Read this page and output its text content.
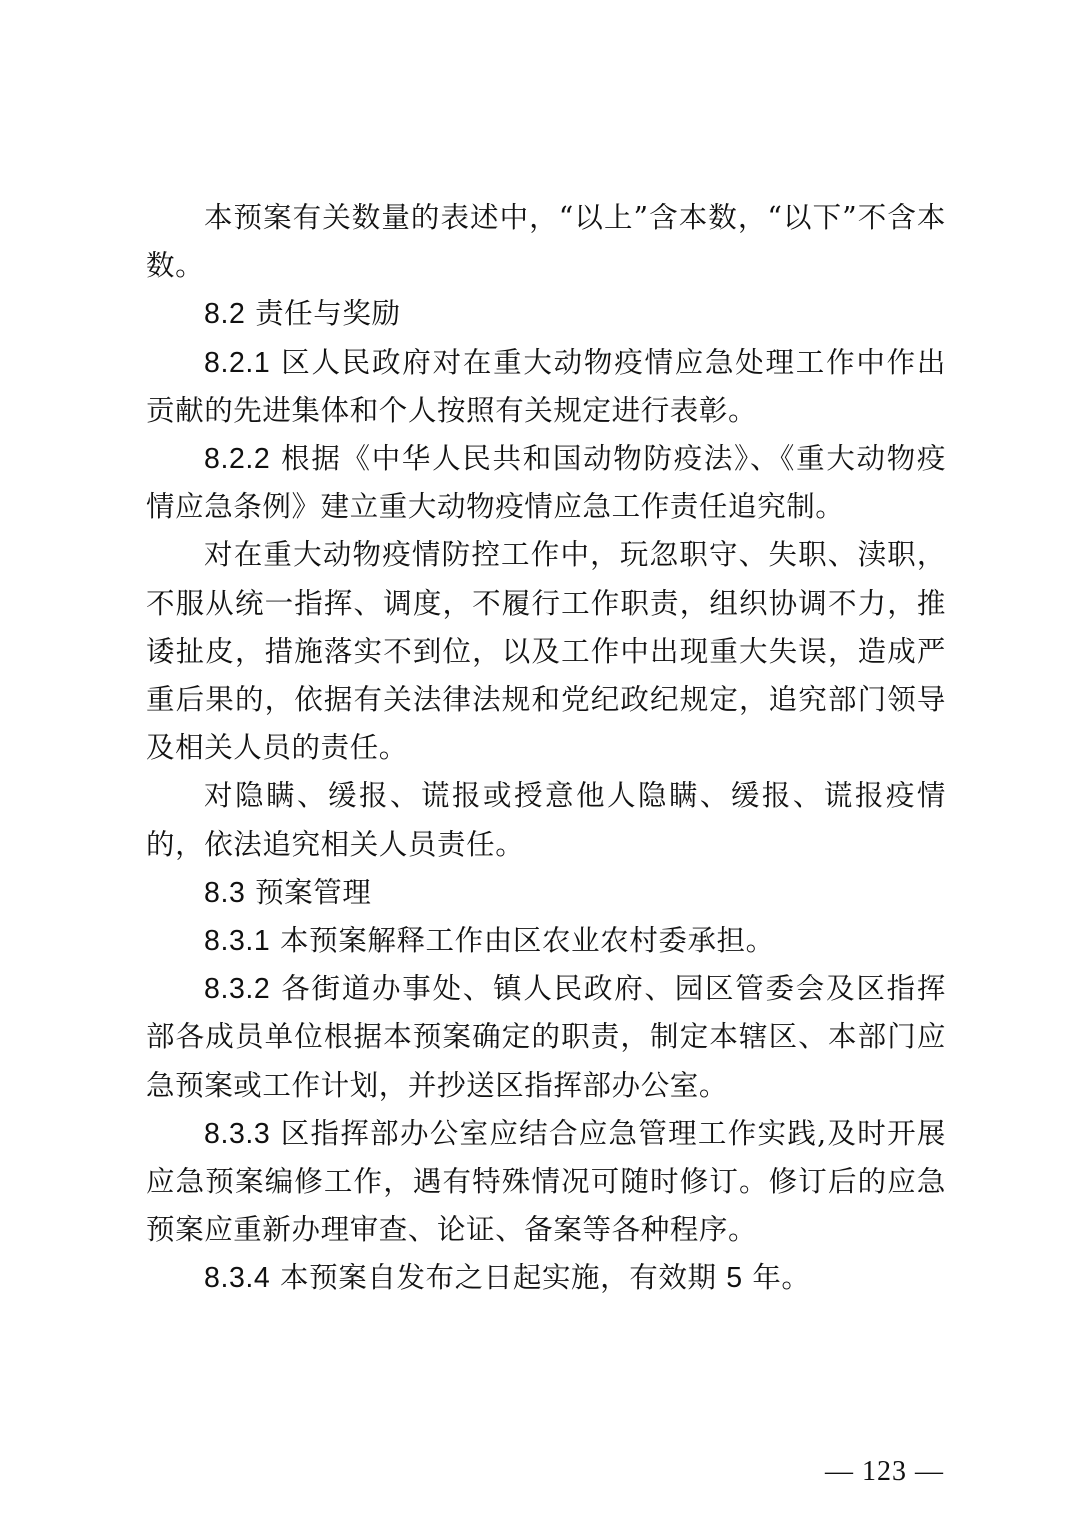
本预案有关数量的表述中，“以上”含本数，“以下”不含本数。

8.2 责任与奖励

8.2.1 区人民政府对在重大动物疫情应急处理工作中作出贡献的先进集体和个人按照有关规定进行表彰。

8.2.2 根据《中华人民共和国动物防疫法》、《重大动物疫情应急条例》建立重大动物疫情应急工作责任追究制。

对在重大动物疫情防控工作中，玩忽职守、失职、渎职，不服从统一指挥、调度，不履行工作职责，组织协调不力，推诿扯皮，措施落实不到位，以及工作中出现重大失误，造成严重后果的，依据有关法律法规和党纪政纪规定，追究部门领导及相关人员的责任。

对隐瞒、缓报、谎报或授意他人隐瞒、缓报、谎报疫情的，依法追究相关人员责任。

8.3 预案管理

8.3.1 本预案解释工作由区农业农村委承担。

8.3.2 各街道办事处、镇人民政府、园区管委会及区指挥部各成员单位根据本预案确定的职责，制定本辖区、本部门应急预案或工作计划，并抄送区指挥部办公室。

8.3.3 区指挥部办公室应结合应急管理工作实践,及时开展应急预案编修工作，遇有特殊情况可随时修订。修订后的应急预案应重新办理审查、论证、备案等各种程序。

8.3.4 本预案自发布之日起实施，有效期 5 年。

— 123 —
